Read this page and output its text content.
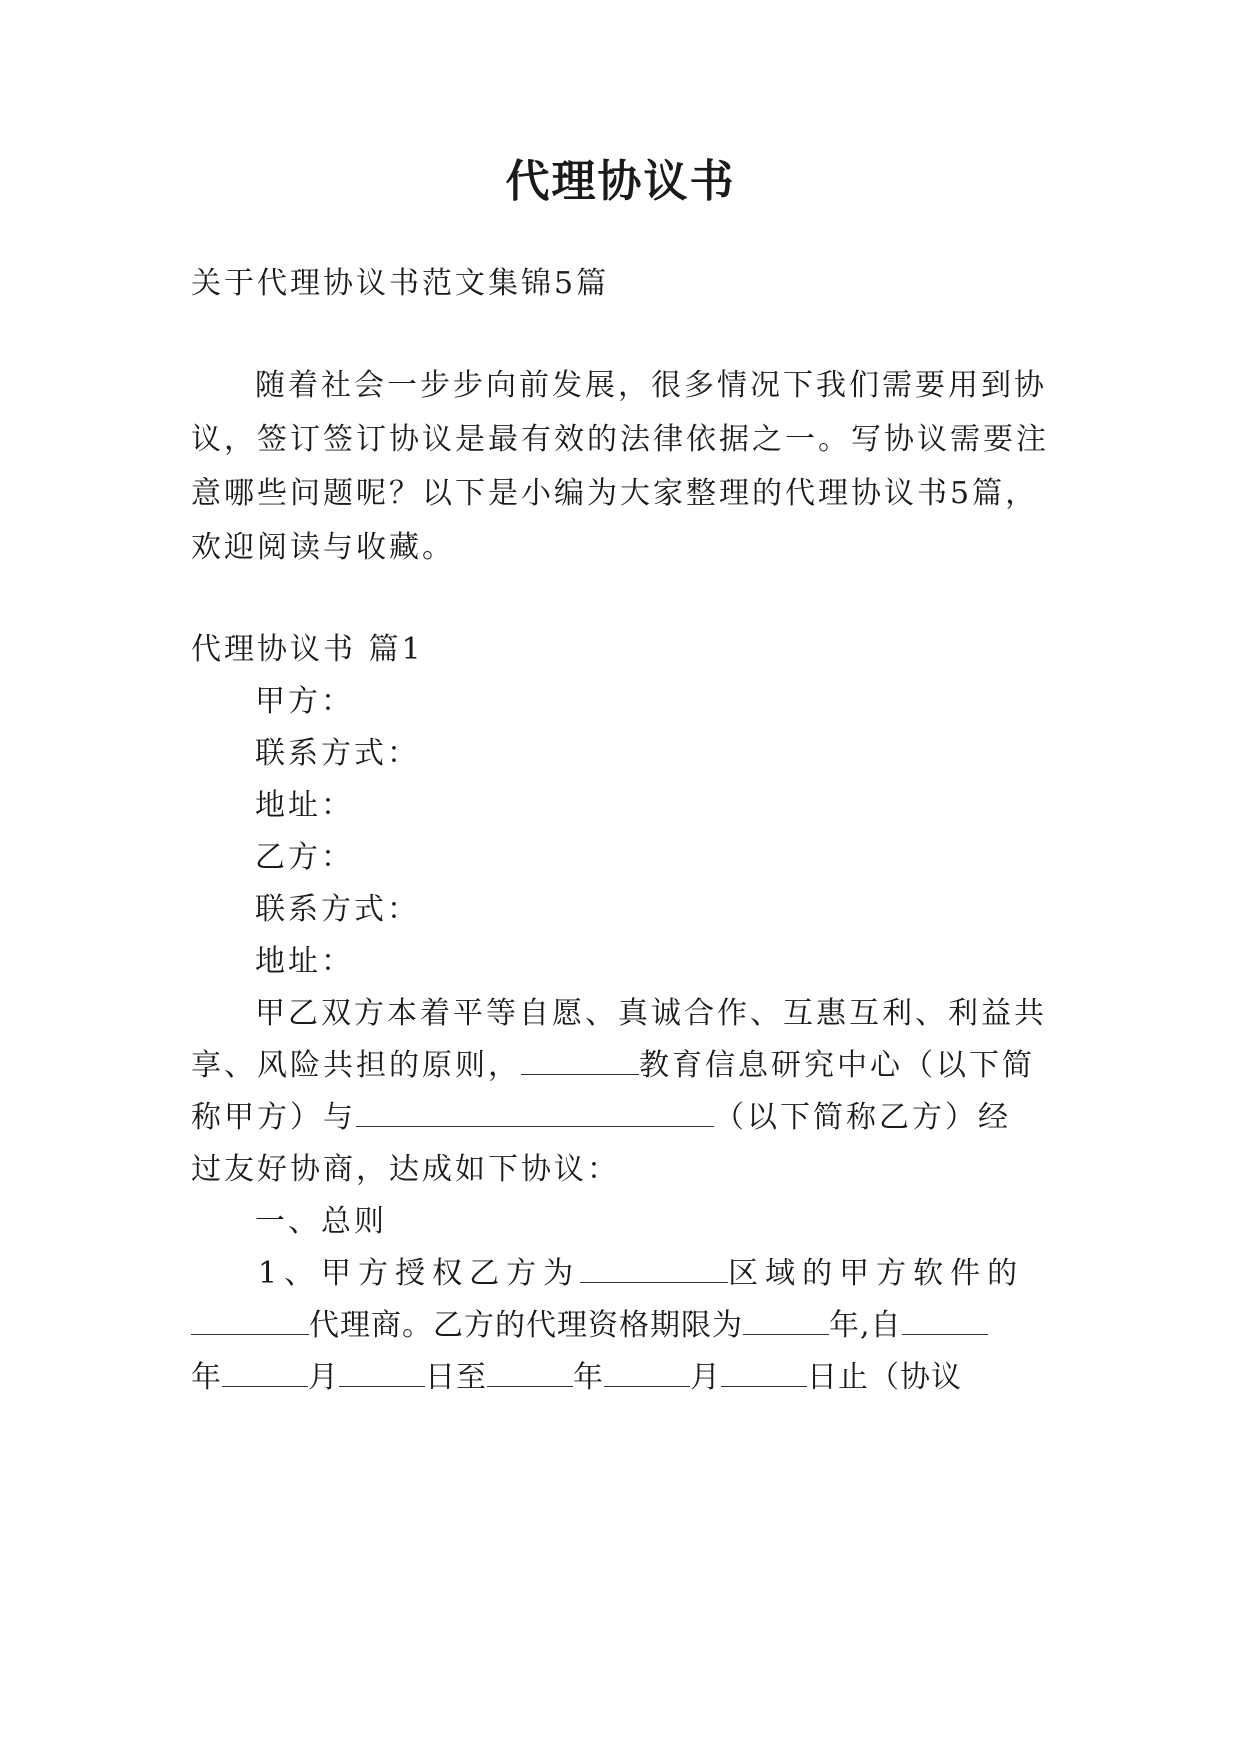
代理协议书
关于代理协议书范文集锦5篇
随着社会一步步向前发展，很多情况下我们需要用到协
议，签订签订协议是最有效的法律依据之一。写协议需要注
意哪些问题呢？以下是小编为大家整理的代理协议书5篇，
欢迎阅读与收藏。
代理协议书 篇1
甲方：
联系方式：
地址：
乙方：
联系方式：
地址：
甲乙双方本着平等自愿、真诚合作、互惠互利、利益共
享、风险共担的原则，	教育信息研究中心（以下简
称甲方）与	（以下简称乙方）经
过友好协商，达成如下协议：
一、总则
1、甲方授权乙方为	区域的甲方软件的
代理商。乙方的代理资格期限为	年,自
年	月	日至	年	月	日止（协议
